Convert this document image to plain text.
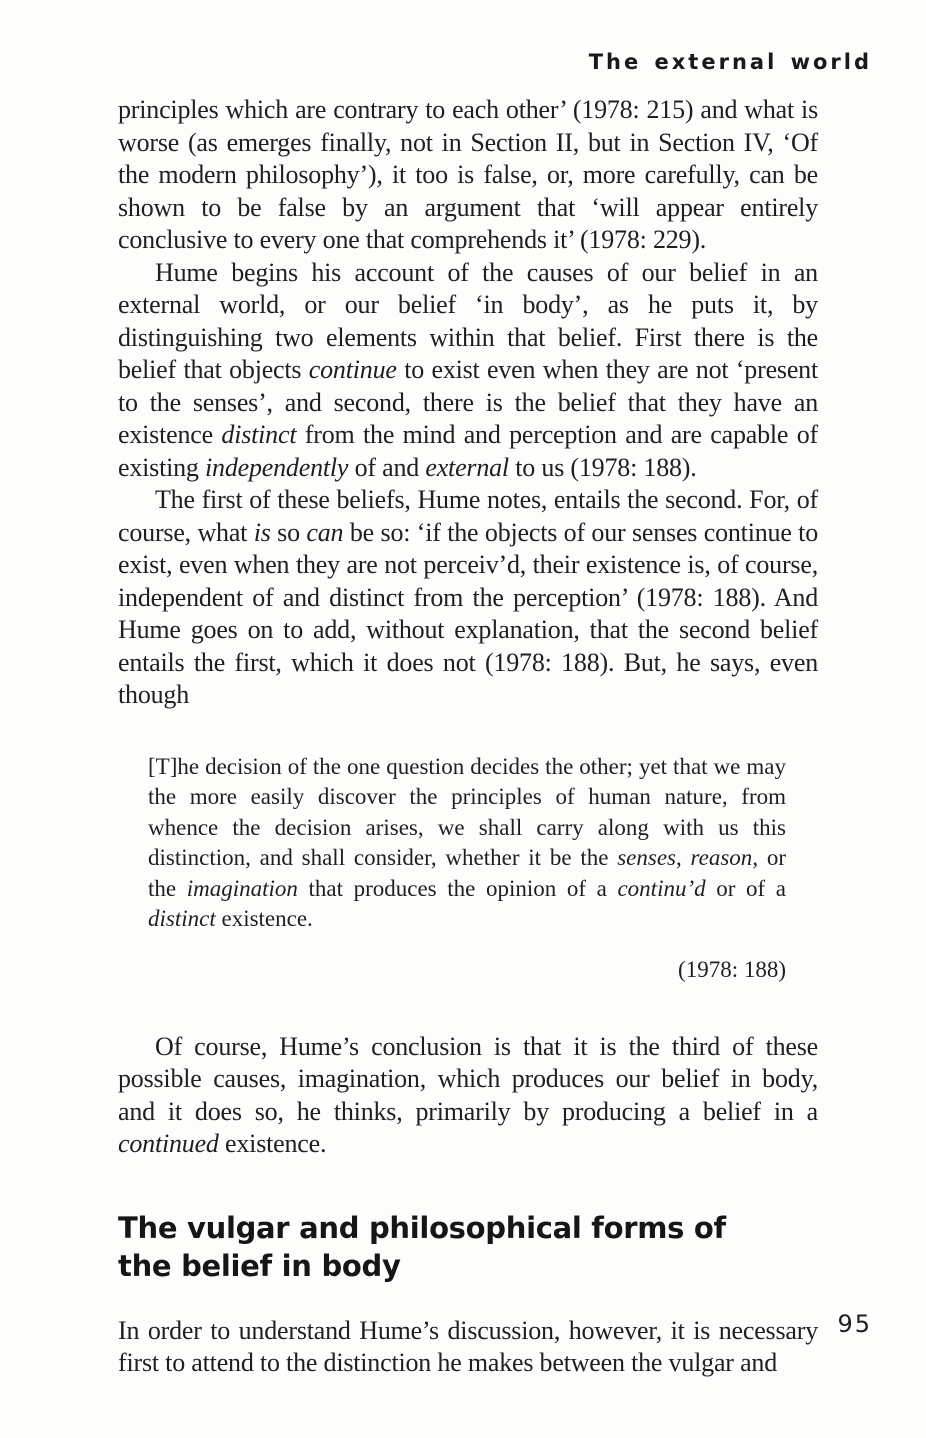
The external world

principles which are contrary to each other’ (1978: 215) and what is worse (as emerges finally, not in Section II, but in Section IV, ‘Of the modern philosophy’), it too is false, or, more carefully, can be shown to be false by an argument that ‘will appear entirely conclusive to every one that comprehends it’ (1978: 229).

Hume begins his account of the causes of our belief in an external world, or our belief ‘in body’, as he puts it, by distinguishing two elements within that belief. First there is the belief that objects continue to exist even when they are not ‘present to the senses’, and second, there is the belief that they have an existence distinct from the mind and perception and are capable of existing independently of and external to us (1978: 188).

The first of these beliefs, Hume notes, entails the second. For, of course, what is so can be so: ‘if the objects of our senses continue to exist, even when they are not perceiv’d, their existence is, of course, independent of and distinct from the perception’ (1978: 188). And Hume goes on to add, without explanation, that the second belief entails the first, which it does not (1978: 188). But, he says, even though

[T]he decision of the one question decides the other; yet that we may the more easily discover the principles of human nature, from whence the decision arises, we shall carry along with us this distinction, and shall consider, whether it be the senses, reason, or the imagination that produces the opinion of a continu’d or of a distinct existence.

(1978: 188)

Of course, Hume’s conclusion is that it is the third of these possible causes, imagination, which produces our belief in body, and it does so, he thinks, primarily by producing a belief in a continued existence.

The vulgar and philosophical forms of
the belief in body

In order to understand Hume’s discussion, however, it is necessary first to attend to the distinction he makes between the vulgar and

95
